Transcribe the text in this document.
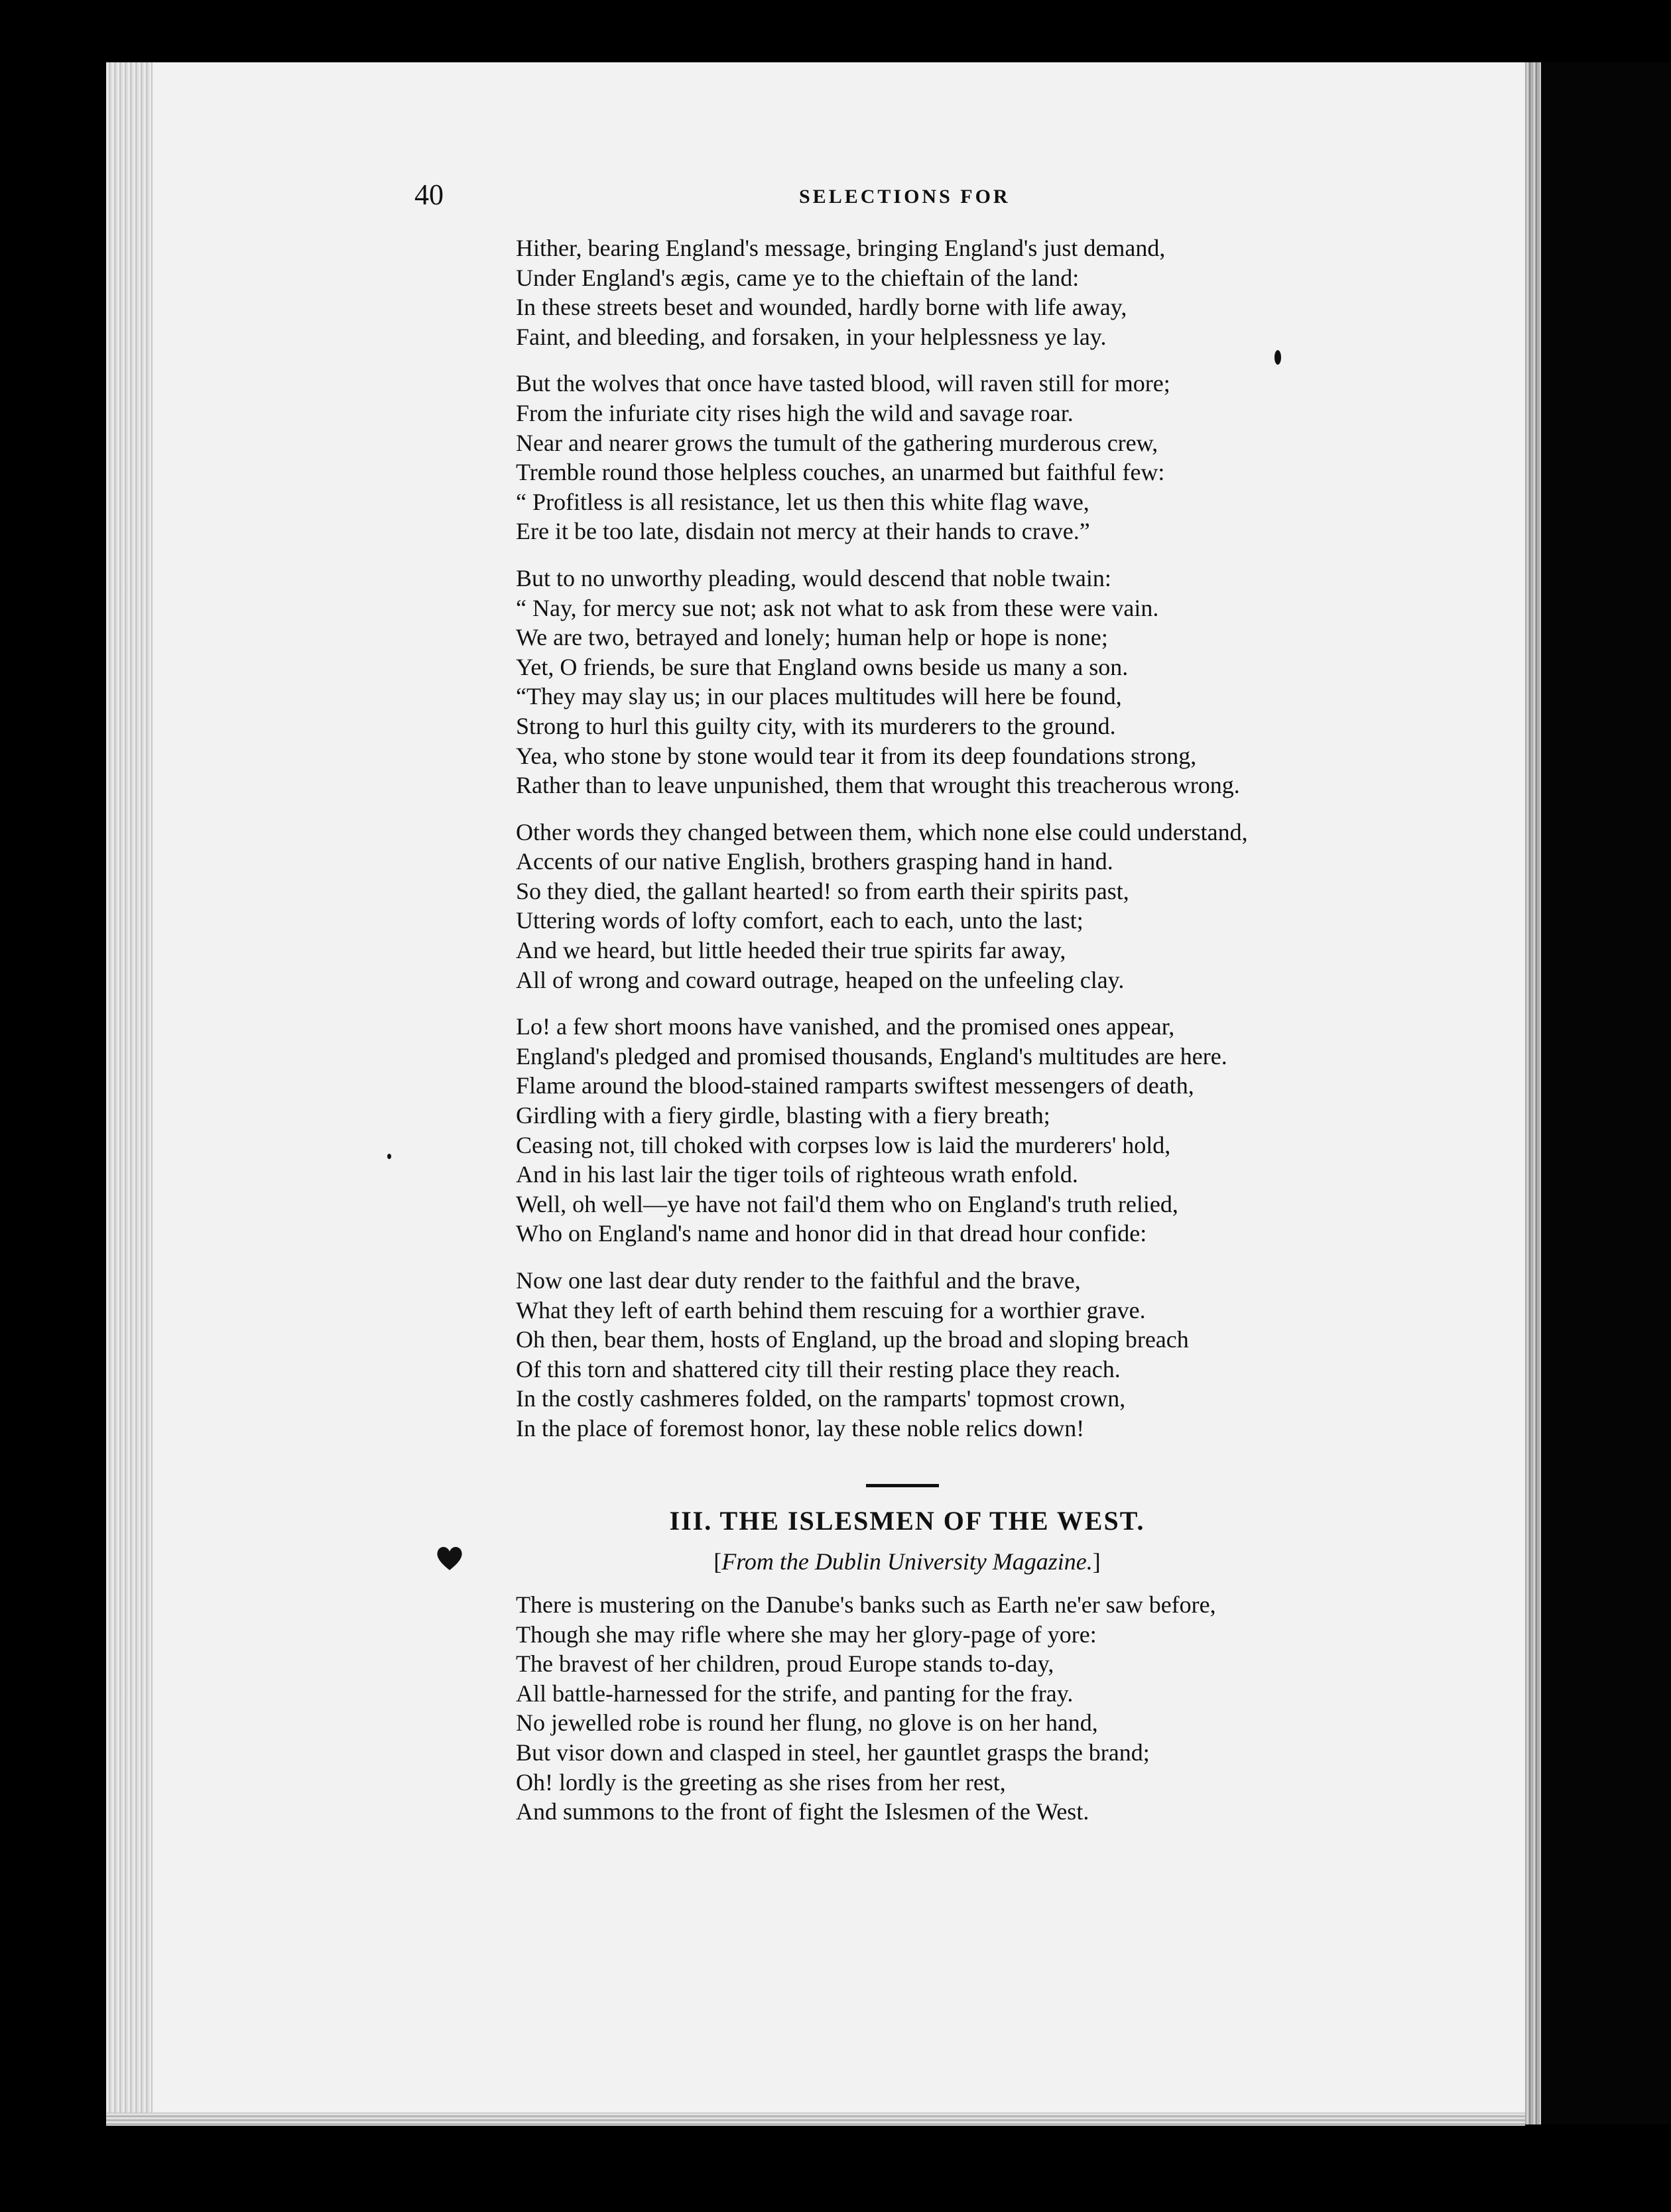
40	SELECTIONS FOR
Hither, bearing England's message, bringing England's just demand,
Under England's ægis, came ye to the chieftain of the land:
In these streets beset and wounded, hardly borne with life away,
Faint, and bleeding, and forsaken, in your helplessness ye lay.
But the wolves that once have tasted blood, will raven still for more;
From the infuriate city rises high the wild and savage roar.
Near and nearer grows the tumult of the gathering murderous crew,
Tremble round those helpless couches, an unarmed but faithful few:
“ Profitless is all resistance, let us then this white flag wave,
Ere it be too late, disdain not mercy at their hands to crave.”
But to no unworthy pleading, would descend that noble twain:
“ Nay, for mercy sue not; ask not what to ask from these were vain.
We are two, betrayed and lonely; human help or hope is none;
Yet, O friends, be sure that England owns beside us many a son.
“They may slay us; in our places multitudes will here be found,
Strong to hurl this guilty city, with its murderers to the ground.
Yea, who stone by stone would tear it from its deep foundations strong,
Rather than to leave unpunished, them that wrought this treacherous wrong.
Other words they changed between them, which none else could understand,
Accents of our native English, brothers grasping hand in hand.
So they died, the gallant hearted! so from earth their spirits past,
Uttering words of lofty comfort, each to each, unto the last;
And we heard, but little heeded their true spirits far away,
All of wrong and coward outrage, heaped on the unfeeling clay.
Lo! a few short moons have vanished, and the promised ones appear,
England's pledged and promised thousands, England's multitudes are here.
Flame around the blood-stained ramparts swiftest messengers of death,
Girdling with a fiery girdle, blasting with a fiery breath;
Ceasing not, till choked with corpses low is laid the murderers' hold,
And in his last lair the tiger toils of righteous wrath enfold.
Well, oh well—ye have not fail'd them who on England's truth relied,
Who on England's name and honor did in that dread hour confide:
Now one last dear duty render to the faithful and the brave,
What they left of earth behind them rescuing for a worthier grave.
Oh then, bear them, hosts of England, up the broad and sloping breach
Of this torn and shattered city till their resting place they reach.
In the costly cashmeres folded, on the ramparts' topmost crown,
In the place of foremost honor, lay these noble relics down!
III. THE ISLESMEN OF THE WEST.
[From the Dublin University Magazine.]
There is mustering on the Danube's banks such as Earth ne'er saw before,
Though she may rifle where she may her glory-page of yore:
The bravest of her children, proud Europe stands to-day,
All battle-harnessed for the strife, and panting for the fray.
No jewelled robe is round her flung, no glove is on her hand,
But visor down and clasped in steel, her gauntlet grasps the brand;
Oh! lordly is the greeting as she rises from her rest,
And summons to the front of fight the Islesmen of the West.
